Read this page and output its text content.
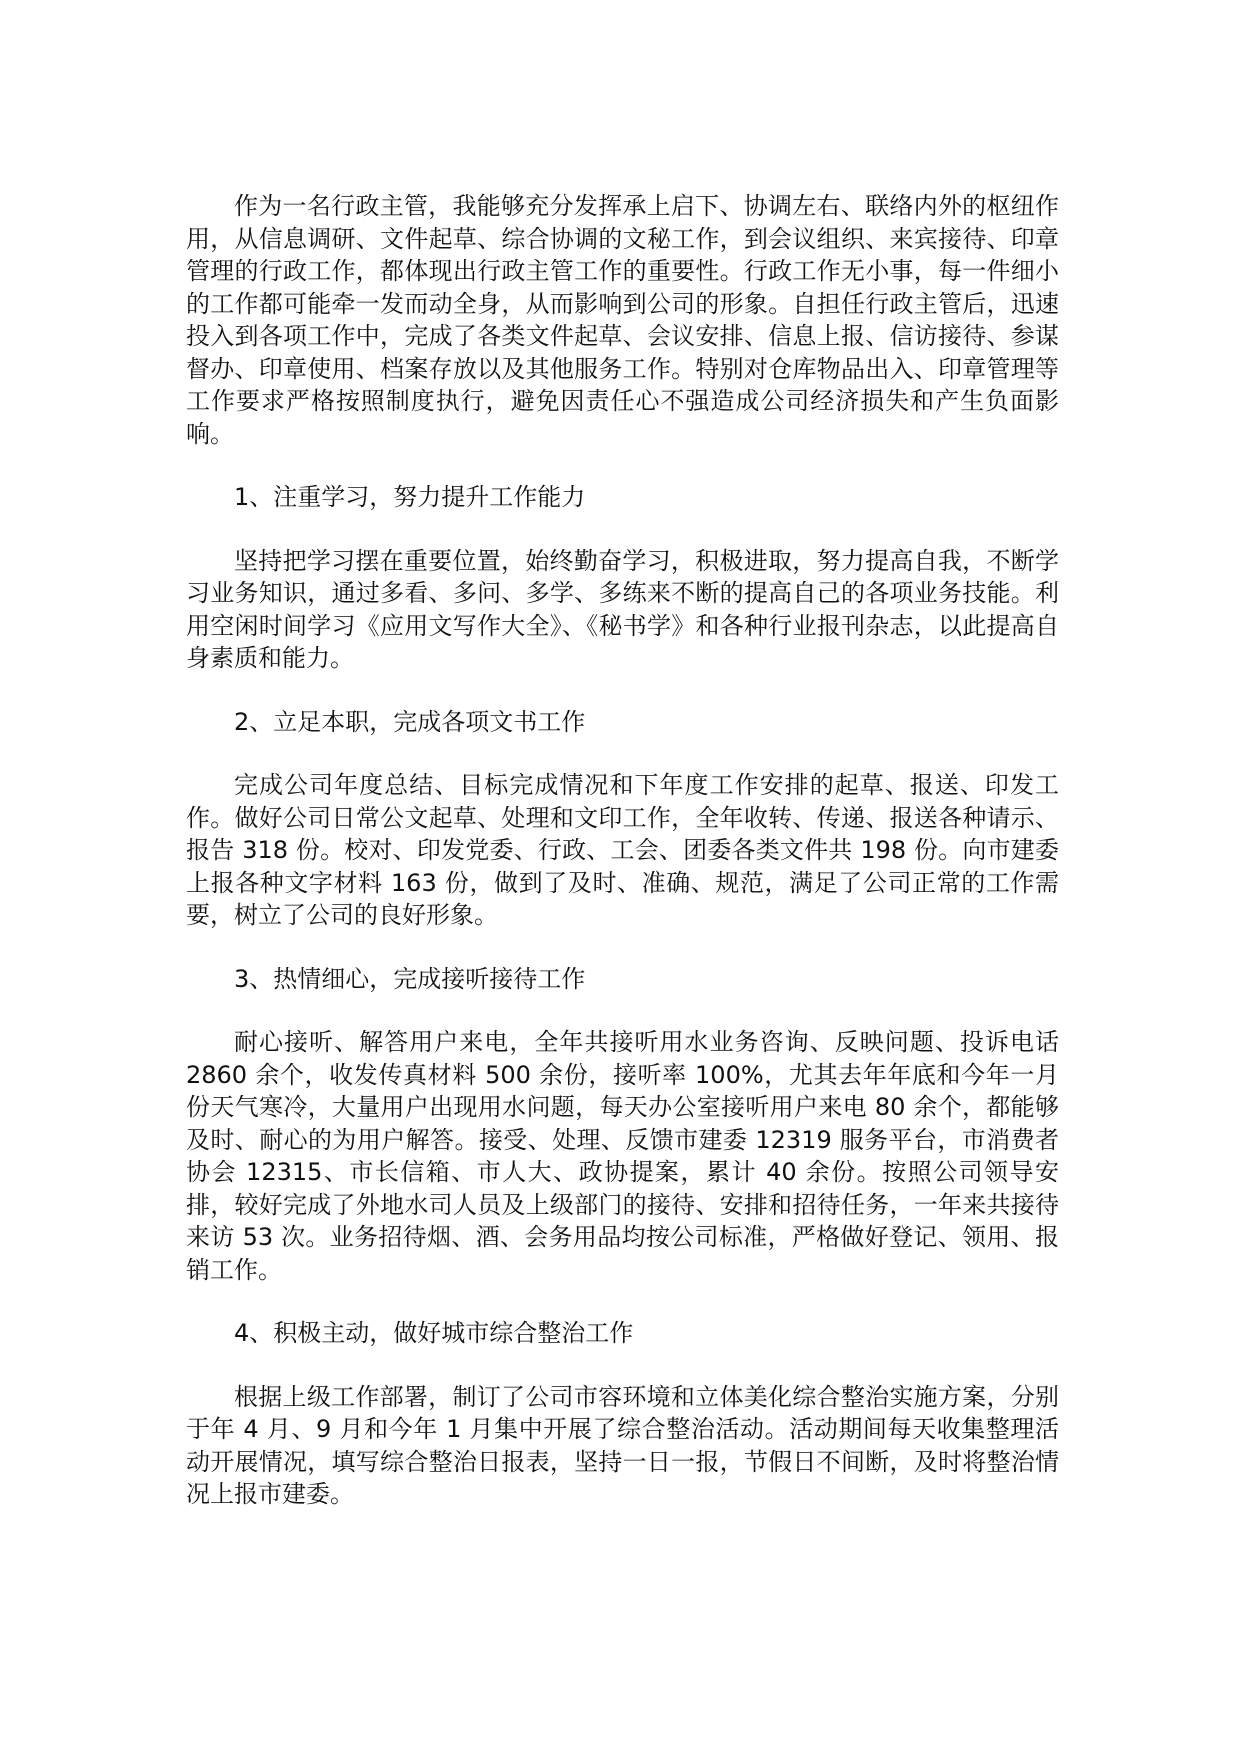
作为一名行政主管，我能够充分发挥承上启下、协调左右、联络内外的枢纽作用，从信息调研、文件起草、综合协调的文秘工作，到会议组织、来宾接待、印章管理的行政工作，都体现出行政主管工作的重要性。行政工作无小事，每一件细小的工作都可能牵一发而动全身，从而影响到公司的形象。自担任行政主管后，迅速投入到各项工作中，完成了各类文件起草、会议安排、信息上报、信访接待、参谋督办、印章使用、档案存放以及其他服务工作。特别对仓库物品出入、印章管理等工作要求严格按照制度执行，避免因责任心不强造成公司经济损失和产生负面影响。

1、注重学习，努力提升工作能力

坚持把学习摆在重要位置，始终勤奋学习，积极进取，努力提高自我，不断学习业务知识，通过多看、多问、多学、多练来不断的提高自己的各项业务技能。利用空闲时间学习《应用文写作大全》、《秘书学》和各种行业报刊杂志，以此提高自身素质和能力。

2、立足本职，完成各项文书工作

完成公司年度总结、目标完成情况和下年度工作安排的起草、报送、印发工作。做好公司日常公文起草、处理和文印工作，全年收转、传递、报送各种请示、报告 318 份。校对、印发党委、行政、工会、团委各类文件共 198 份。向市建委上报各种文字材料 163 份，做到了及时、准确、规范，满足了公司正常的工作需要，树立了公司的良好形象。

3、热情细心，完成接听接待工作

耐心接听、解答用户来电，全年共接听用水业务咨询、反映问题、投诉电话 2860 余个，收发传真材料 500 余份，接听率 100%，尤其去年年底和今年一月份天气寒冷，大量用户出现用水问题，每天办公室接听用户来电 80 余个，都能够及时、耐心的为用户解答。接受、处理、反馈市建委 12319 服务平台，市消费者协会 12315、市长信箱、市人大、政协提案，累计 40 余份。按照公司领导安排，较好完成了外地水司人员及上级部门的接待、安排和招待任务，一年来共接待来访 53 次。业务招待烟、酒、会务用品均按公司标准，严格做好登记、领用、报销工作。

4、积极主动，做好城市综合整治工作

根据上级工作部署，制订了公司市容环境和立体美化综合整治实施方案，分别于年 4 月、9 月和今年 1 月集中开展了综合整治活动。活动期间每天收集整理活动开展情况，填写综合整治日报表，坚持一日一报，节假日不间断，及时将整治情况上报市建委。
